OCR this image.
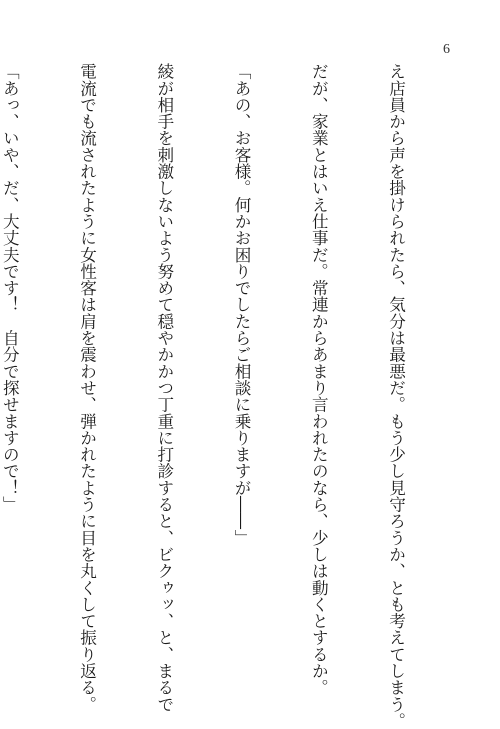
6

え店員から声を掛けられたら、気分は最悪だ。もう少し見守ろうか、とも考えてしまう。

だが、家業とはいえ仕事だ。常連からあまり言われたのなら、少しは動くとするか。

「あの、お客様。何かお困りでしたらご相談に乗りますが――」

綾が相手を刺激しないよう努めて穏やかかつ丁重に打診すると、ビクゥッ、と、まるで

電流でも流されたように女性客は肩を震わせ、弾かれたように目を丸くして振り返る。

「あっ、いや、だ、大丈夫です！　自分で探せますので！」
